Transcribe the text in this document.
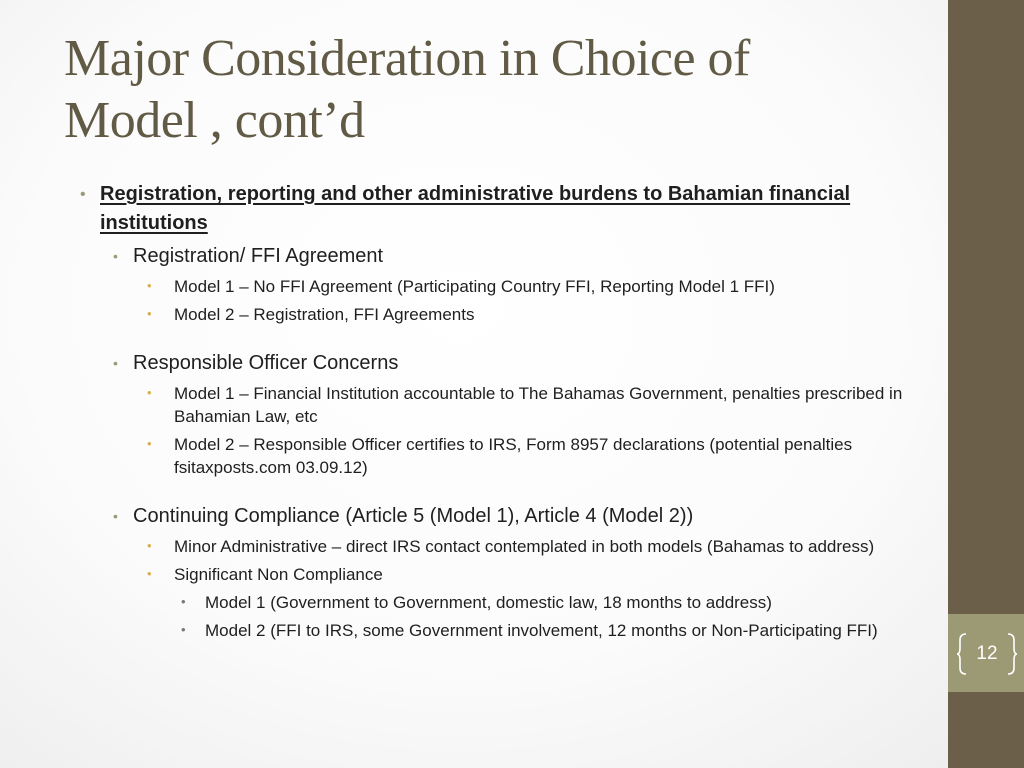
12
Major Consideration in Choice of
Model , cont’d
• Registration, reporting and other administrative burdens to Bahamian financial institutions
• Registration/ FFI Agreement
• Model 1 – No FFI Agreement (Participating Country FFI, Reporting Model 1 FFI)
• Model 2 – Registration, FFI Agreements
• Responsible Officer Concerns
• Model 1 – Financial Institution accountable to The Bahamas Government, penalties prescribed in Bahamian Law, etc
• Model 2 – Responsible Officer certifies to IRS, Form 8957 declarations (potential penalties fsitaxposts.com 03.09.12)
• Continuing Compliance (Article 5 (Model 1), Article 4 (Model 2))
• Minor Administrative – direct IRS contact contemplated in both models (Bahamas to address)
• Significant Non Compliance
• Model 1 (Government to Government, domestic law, 18 months to address)
• Model 2 (FFI to IRS, some Government involvement, 12 months or Non-Participating FFI)
